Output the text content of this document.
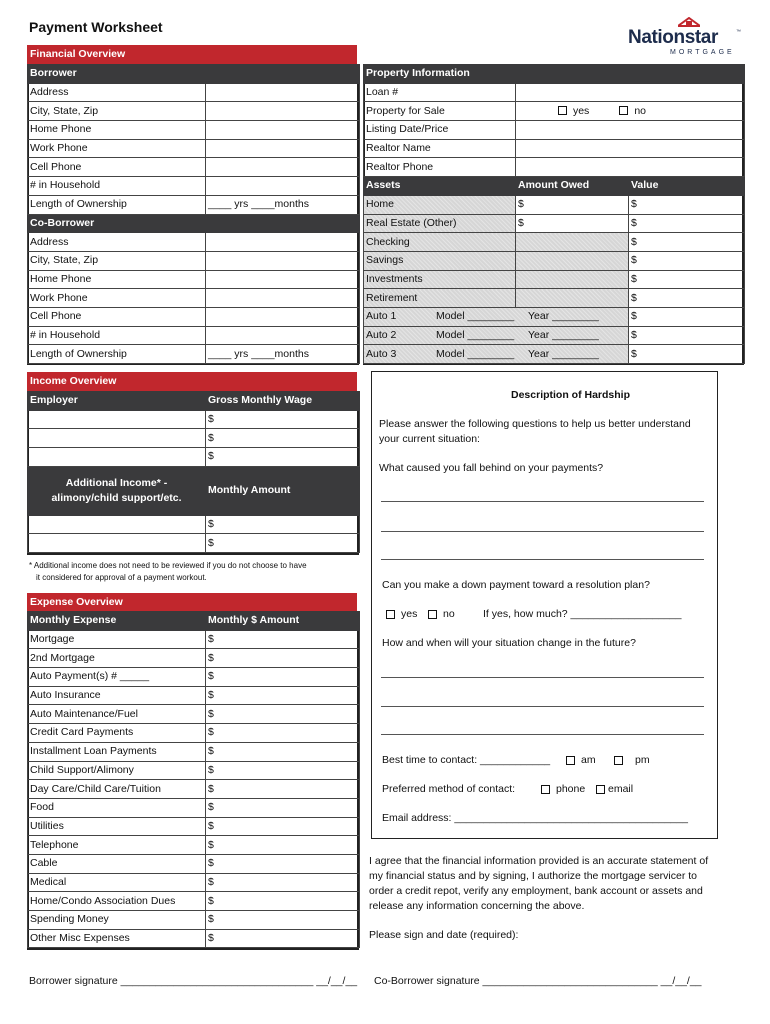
Payment Worksheet	Nationstar	™
MORTGAGE
Financial Overview
Borrower	
Address	
City, State, Zip	
Home Phone	
Work Phone	
Cell Phone	
# in Household	
Length of Ownership	____ yrs ____months
Co-Borrower	
Address	
City, State, Zip	
Home Phone	
Work Phone	
Cell Phone	
# in Household	
Length of Ownership	____ yrs ____months
Property Information		
Loan #		
Property for Sale	yes no	
Listing Date/Price		
Realtor Name		
Realtor Phone		
Assets	Amount Owed	Value
Home	$	$
Real Estate (Other)	$	$
Checking		$
Savings		$
Investments		$
Retirement		$
Auto 1 Model ________ Year ________		$
Auto 2 Model ________ Year ________		$
Auto 3 Model ________ Year ________		$
Income Overview
Employer	Gross Monthly Wage
	$
	$
	$
Additional Income* -
alimony/child support/etc.	Monthly Amount
	$
	$
* Additional income does not need to be reviewed if you do not choose to have
it considered for approval of a payment workout.
Expense Overview
Monthly Expense	Monthly $ Amount
Mortgage	$
2nd Mortgage	$
Auto Payment(s) # _____	$
Auto Insurance	$
Auto Maintenance/Fuel	$
Credit Card Payments	$
Installment Loan Payments	$
Child Support/Alimony	$
Day Care/Child Care/Tuition	$
Food	$
Utilities	$
Telephone	$
Cable	$
Medical	$
Home/Condo Association Dues	$
Spending Money	$
Other Misc Expenses	$
Description of Hardship
Please answer the following questions to help us better understand
your current situation:
What caused you fall behind on your payments?
Can you make a down payment toward a resolution plan?
yes	no	If yes, how much? ___________________
How and when will your situation change in the future?
Best time to contact: ____________	am	pm
Preferred method of contact:	phone	email
Email address: ________________________________________
I agree that the financial information provided is an accurate statement of
my financial status and by signing, I authorize the mortgage servicer to
order a credit repot, verify any employment, bank account or assets and
release any information concerning the above.
Please sign and date (required):
Borrower signature _________________________________ __/__/__ Co-Borrower signature ______________________________ __/__/__
